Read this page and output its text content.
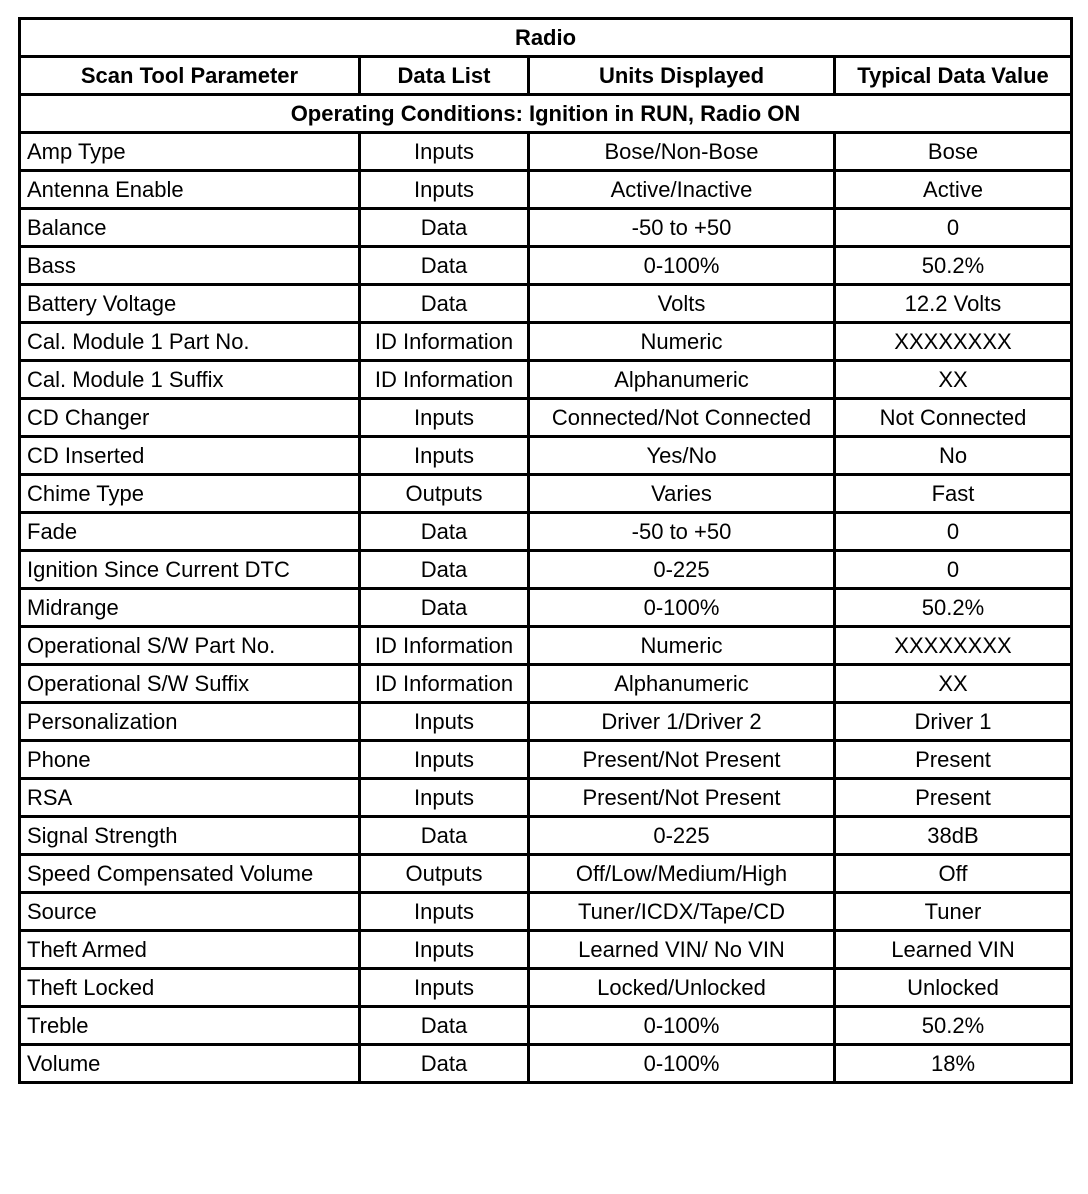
Radio			
Scan Tool Parameter	Data List	Units Displayed	Typical Data Value
Operating Conditions: Ignition in RUN, Radio ON			
Amp Type	Inputs	Bose/Non-Bose	Bose
Antenna Enable	Inputs	Active/Inactive	Active
Balance	Data	-50 to +50	0
Bass	Data	0-100%	50.2%
Battery Voltage	Data	Volts	12.2 Volts
Cal. Module 1 Part No.	ID Information	Numeric	XXXXXXXX
Cal. Module 1 Suffix	ID Information	Alphanumeric	XX
CD Changer	Inputs	Connected/Not Connected	Not Connected
CD Inserted	Inputs	Yes/No	No
Chime Type	Outputs	Varies	Fast
Fade	Data	-50 to +50	0
Ignition Since Current DTC	Data	0-225	0
Midrange	Data	0-100%	50.2%
Operational S/W Part No.	ID Information	Numeric	XXXXXXXX
Operational S/W Suffix	ID Information	Alphanumeric	XX
Personalization	Inputs	Driver 1/Driver 2	Driver 1
Phone	Inputs	Present/Not Present	Present
RSA	Inputs	Present/Not Present	Present
Signal Strength	Data	0-225	38dB
Speed Compensated Volume	Outputs	Off/Low/Medium/High	Off
Source	Inputs	Tuner/ICDX/Tape/CD	Tuner
Theft Armed	Inputs	Learned VIN/ No VIN	Learned VIN
Theft Locked	Inputs	Locked/Unlocked	Unlocked
Treble	Data	0-100%	50.2%
Volume	Data	0-100%	18%
